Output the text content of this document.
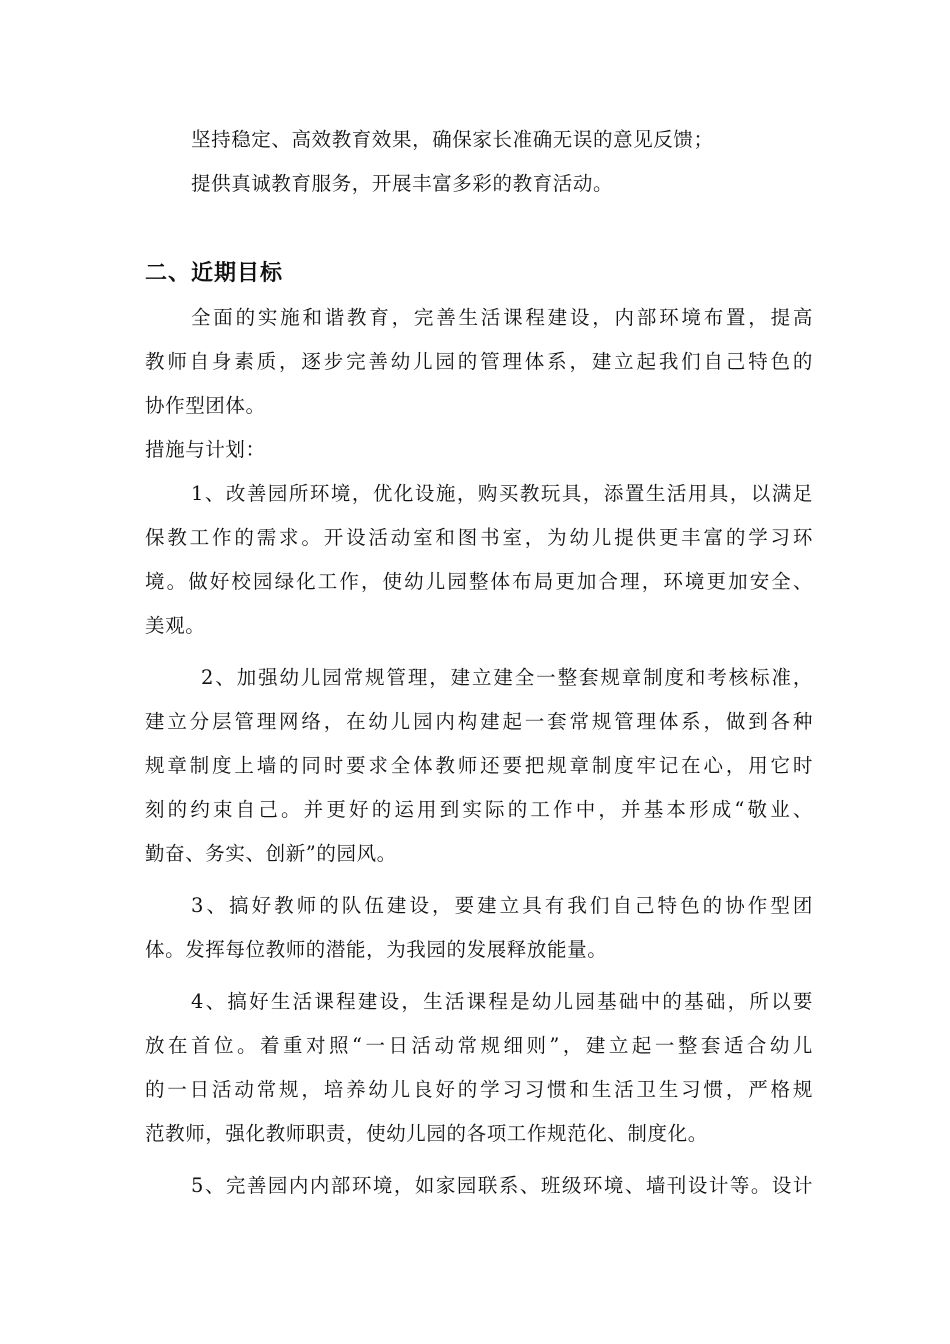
坚持稳定、高效教育效果，确保家长准确无误的意见反馈；
提供真诚教育服务，开展丰富多彩的教育活动。
二、近期目标
全面的实施和谐教育，完善生活课程建设，内部环境布置，提高
教师自身素质，逐步完善幼儿园的管理体系，建立起我们自己特色的
协作型团体。
措施与计划：
1、改善园所环境，优化设施，购买教玩具，添置生活用具，以满足
保教工作的需求。开设活动室和图书室，为幼儿提供更丰富的学习环
境。做好校园绿化工作，使幼儿园整体布局更加合理，环境更加安全、
美观。
2、加强幼儿园常规管理，建立建全一整套规章制度和考核标准，
建立分层管理网络，在幼儿园内构建起一套常规管理体系，做到各种
规章制度上墙的同时要求全体教师还要把规章制度牢记在心，用它时
刻的约束自己。并更好的运用到实际的工作中，并基本形成“敬业、
勤奋、务实、创新”的园风。
3、搞好教师的队伍建设，要建立具有我们自己特色的协作型团
体。发挥每位教师的潜能，为我园的发展释放能量。
4、搞好生活课程建设，生活课程是幼儿园基础中的基础，所以要
放在首位。着重对照“一日活动常规细则”，建立起一整套适合幼儿
的一日活动常规，培养幼儿良好的学习习惯和生活卫生习惯，严格规
范教师，强化教师职责，使幼儿园的各项工作规范化、制度化。
5、完善园内内部环境，如家园联系、班级环境、墙刊设计等。设计
